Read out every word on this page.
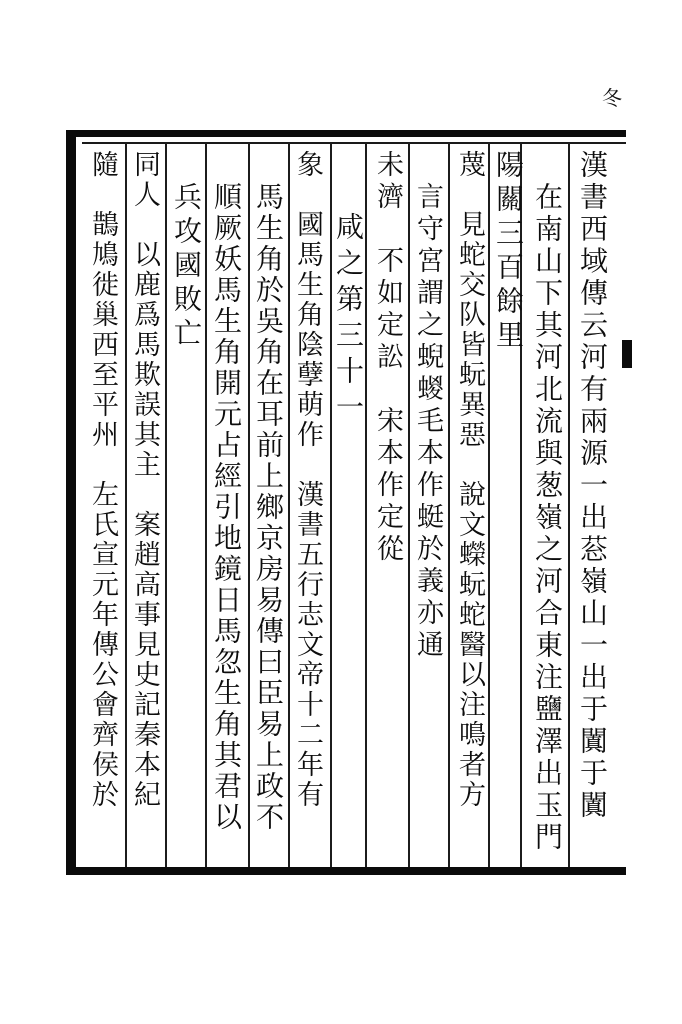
冬
漢書西域傳云河有兩源一出䓗嶺山一出于闐于闐
在南山下其河北流與葱嶺之河合東注鹽澤出玉門
陽關三百餘里
蔑　見蛇交队皆蚖異惡　說文蠑蚖蛇醫以注鳴者方
言守宮謂之蜺蝬毛本作蜓於義亦通
未濟　不如定訟　宋本作定從
咸之第三十一
象　國馬生角陰孽萌作　漢書五行志文帝十二年有
馬生角於吳角在耳前上鄉京房易傳曰臣易上政不
順厥妖馬生角開元占經引地鏡日馬忽生角其君以
兵攻國敗亡
同人　以鹿爲馬欺誤其主　案趙高事見史記秦本紀
隨　鵲鳩徙巢西至平州　左氏宣元年傳公會齊侯於
